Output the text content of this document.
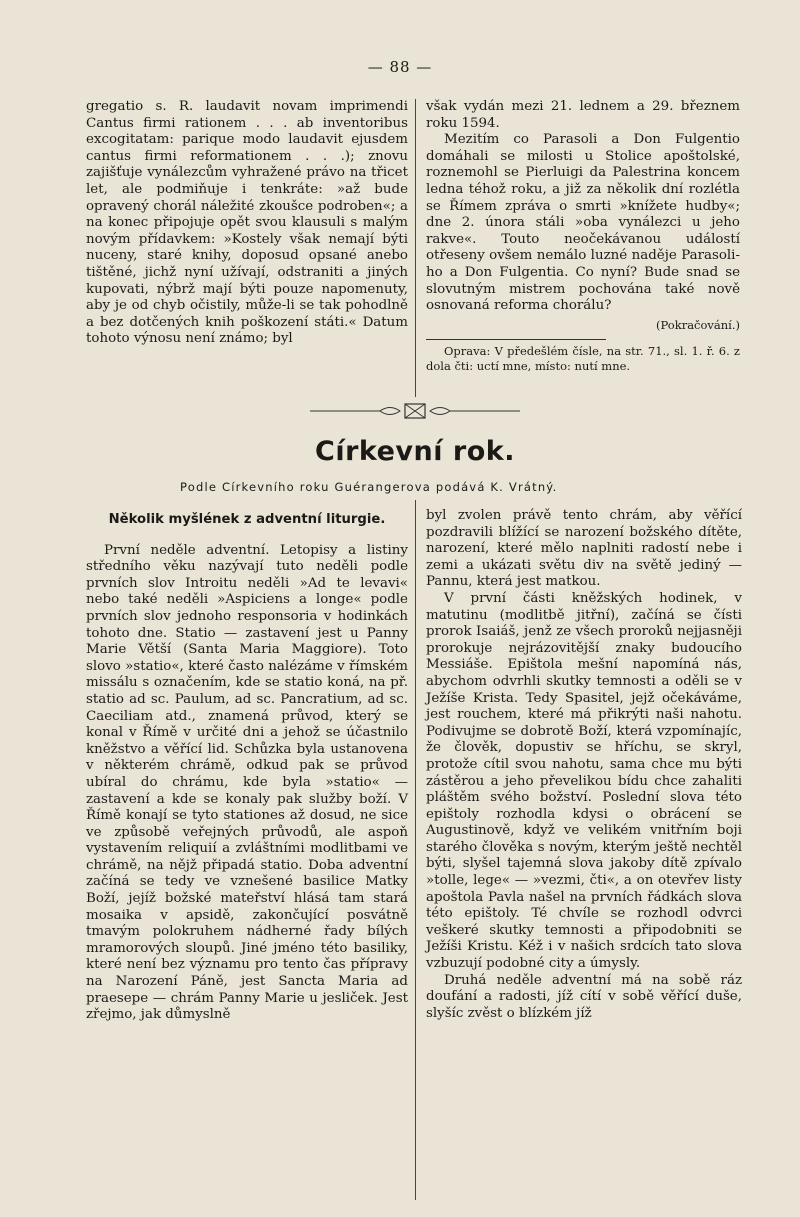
— 88 —

gregatio s. R. laudavit novam imprimendi Cantus firmi rationem . . . ab inventoribus excogitatam: parique modo laudavit ejusdem cantus firmi reformationem . . .); znovu zajišťuje vynálezcům vyhražené právo na třicet let, ale podmiňuje i tenkráte: »až bude opravený chorál náležité zkoušce podroben«; a na konec připojuje opět svou klausuli s malým novým přídavkem: »Kostely však nemají býti nuceny, staré knihy, doposud opsané anebo tištěné, jichž nyní užívají, odstraniti a jiných kupovati, nýbrž mají býti pouze napomenuty, aby je od chyb očistily, může-li se tak pohodlně a bez dotčených knih poškození státi.« Datum tohoto výnosu není známo; byl

však vydán mezi 21. lednem a 29. březnem roku 1594.

Mezitím co Parasoli a Don Fulgentio domáhali se milosti u Stolice apoštolské, roznemohl se Pierluigi da Palestrina koncem ledna téhož roku, a již za několik dní rozlétla se Římem zpráva o smrti »knížete hudby«; dne 2. února stáli »oba vynálezci u jeho rakve«. Touto neočekávanou událostí otřeseny ovšem nemálo luzné naděje Parasoli-ho a Don Fulgentia. Co nyní? Bude snad se slovutným mistrem pochována také nově osnovaná reforma chorálu?

(Pokračování.)

Oprava: V předešlém čísle, na str. 71., sl. 1. ř. 6. z dola čti: uctí mne, místo: nutí mne.

Církevní rok.
Podle Církevního roku Guérangerova podává K. Vrátný.

Několik myšlének z adventní liturgie.

První neděle adventní. Letopisy a listiny středního věku nazývají tuto neděli podle prvních slov Introitu neděli »Ad te levavi« nebo také neděli »Aspiciens a longe« podle prvních slov jednoho responsoria v hodinkách tohoto dne. Statio — zastavení jest u Panny Marie Větší (Santa Maria Maggiore). Toto slovo »statio«, které často nalézáme v římském missálu s označením, kde se statio koná, na př. statio ad sc. Paulum, ad sc. Pancratium, ad sc. Caeciliam atd., znamená průvod, který se konal v Římě v určité dni a jehož se účastnilo kněžstvo a věřící lid. Schůzka byla ustanovena v některém chrámě, odkud pak se průvod ubíral do chrámu, kde byla »statio« — zastavení a kde se konaly pak služby boží. V Římě konají se tyto stationes až dosud, ne sice ve způsobě veřejných průvodů, ale aspoň vystavením reliquií a zvláštními modlitbami ve chrámě, na nějž připadá statio. Doba adventní začíná se tedy ve vznešené basilice Matky Boží, jejíž božské mateřství hlásá tam stará mosaika v apsidě, zakončující posvátně tmavým polokruhem nádherné řady bílých mramorových sloupů. Jiné jméno této basiliky, které není bez významu pro tento čas přípravy na Narození Páně, jest Sancta Maria ad praesepe — chrám Panny Marie u jesliček. Jest zřejmo, jak důmyslně

byl zvolen právě tento chrám, aby věřící pozdravili blížící se narození božského dítěte, narození, které mělo naplniti radostí nebe i zemi a ukázati světu div na světě jediný — Pannu, která jest matkou.

V první části kněžských hodinek, v matutinu (modlitbě jitřní), začíná se čísti prorok Isaiáš, jenž ze všech proroků nejjasněji prorokuje nejrázovitější znaky budoucího Messiáše. Epištola mešní napomíná nás, abychom odvrhli skutky temnosti a oděli se v Ježíše Krista. Tedy Spasitel, jejž očekáváme, jest rouchem, které má přikrýti naši nahotu. Podivujme se dobrotě Boží, která vzpomínajíc, že člověk, dopustiv se hříchu, se skryl, protože cítil svou nahotu, sama chce mu býti zástěrou a jeho převelikou bídu chce zahaliti pláštěm svého božství. Poslední slova této epištoly rozhodla kdysi o obrácení se Augustinově, když ve velikém vnitřním boji starého člověka s novým, kterým ještě nechtěl býti, slyšel tajemná slova jakoby dítě zpívalo »tolle, lege« — »vezmi, čti«, a on otevřev listy apoštola Pavla našel na prvních řádkách slova této epištoly. Té chvíle se rozhodl odvrci veškeré skutky temnosti a připodobniti se Ježíši Kristu. Kéž i v našich srdcích tato slova vzbuzují podobné city a úmysly.

Druhá neděle adventní má na sobě ráz doufání a radosti, jíž cítí v sobě věřící duše, slyšíc zvěst o blízkém jíž
